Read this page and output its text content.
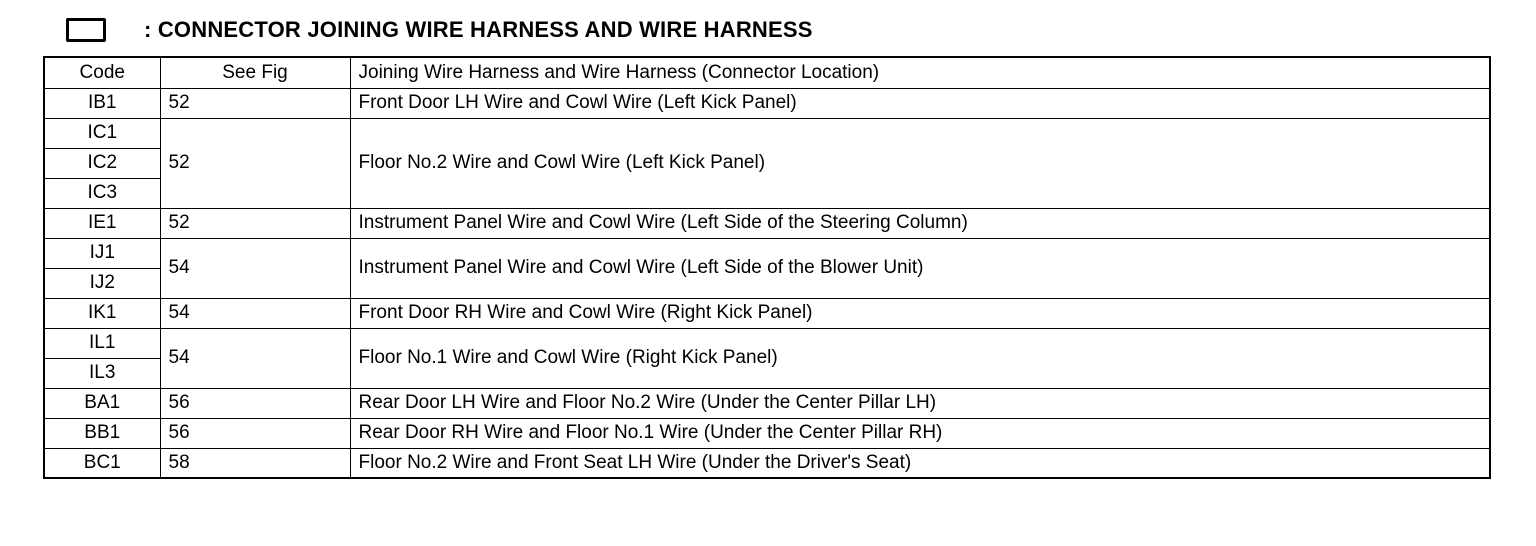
: CONNECTOR JOINING WIRE HARNESS AND WIRE HARNESS
Code	See Fig	Joining Wire Harness and Wire Harness (Connector Location)
IB1	52	Front Door LH Wire and Cowl Wire (Left Kick Panel)
IC1	52	Floor No.2 Wire and Cowl Wire (Left Kick Panel)
IC2		
IC3		
IE1	52	Instrument Panel Wire and Cowl Wire (Left Side of the Steering Column)
IJ1	54	Instrument Panel Wire and Cowl Wire (Left Side of the Blower Unit)
IJ2		
IK1	54	Front Door RH Wire and Cowl Wire (Right Kick Panel)
IL1	54	Floor No.1 Wire and Cowl Wire (Right Kick Panel)
IL3		
BA1	56	Rear Door LH Wire and Floor No.2 Wire (Under the Center Pillar LH)
BB1	56	Rear Door RH Wire and Floor No.1 Wire (Under the Center Pillar RH)
BC1	58	Floor No.2 Wire and Front Seat LH Wire (Under the Driver's Seat)
